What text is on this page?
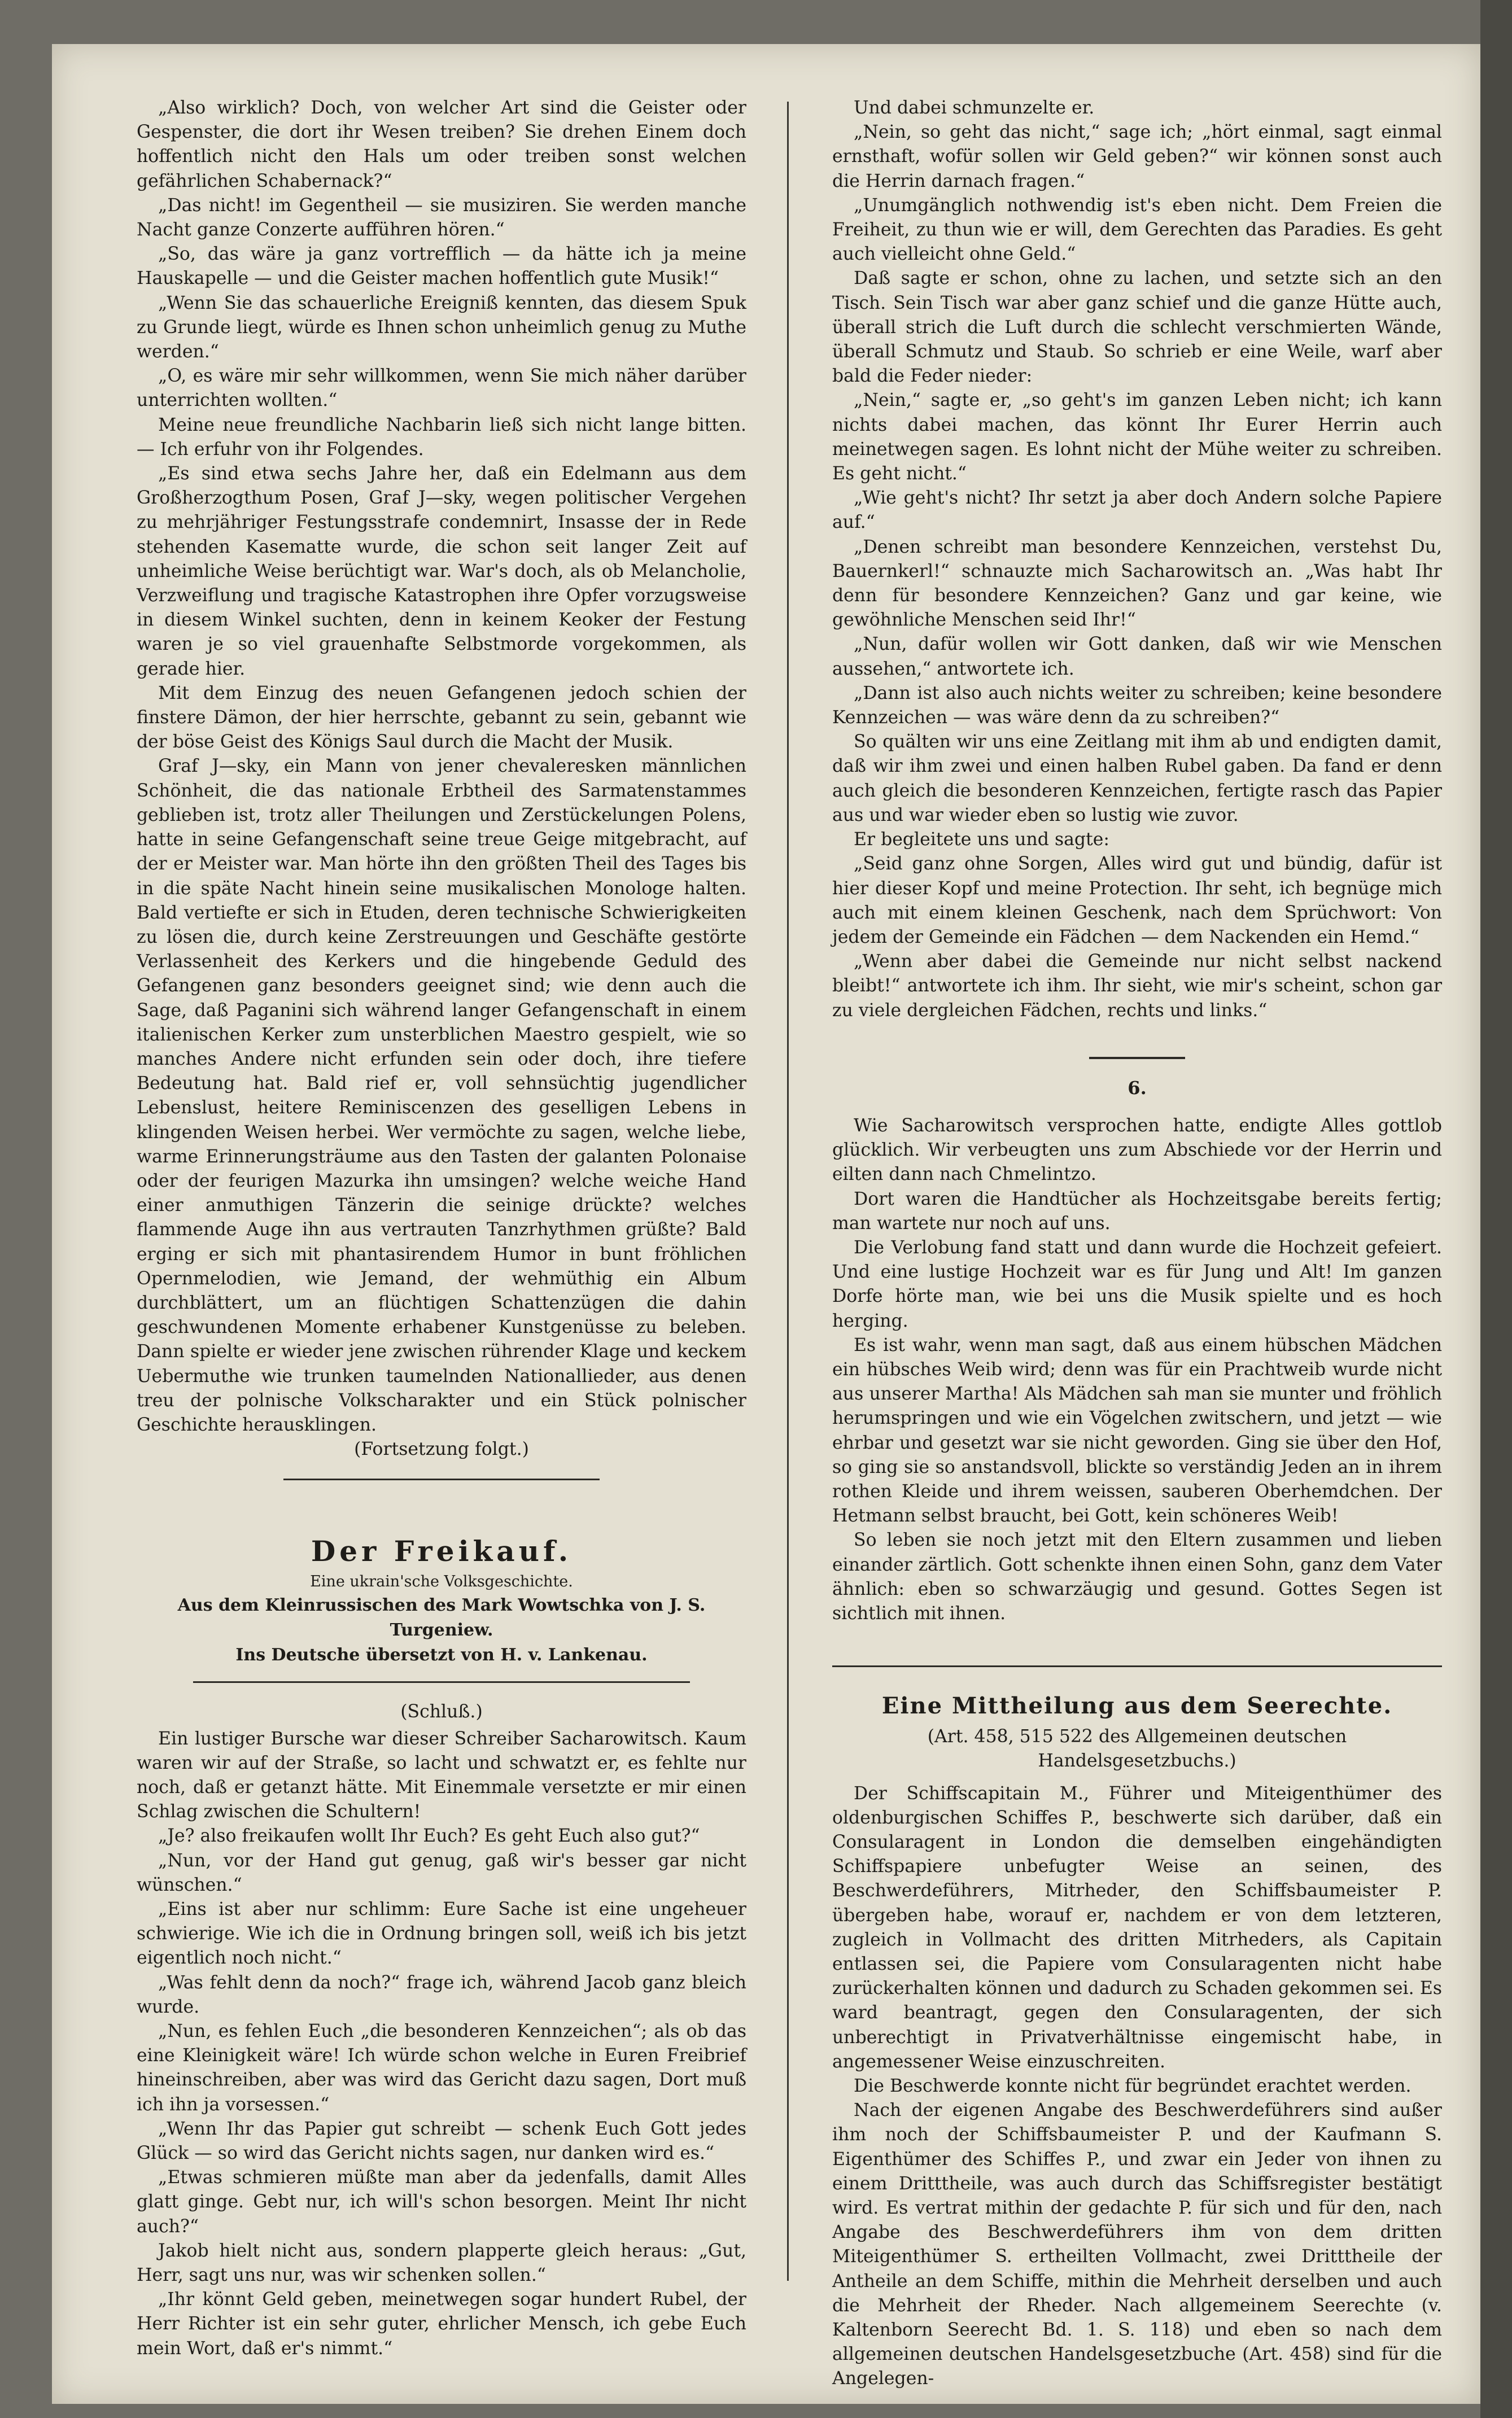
„Also wirklich? Doch, von welcher Art sind die Geister oder Gespenster, die dort ihr Wesen treiben? Sie drehen Einem doch hoffentlich nicht den Hals um oder treiben sonst welchen gefährlichen Schabernack?“

„Das nicht! im Gegentheil — sie musiziren. Sie werden manche Nacht ganze Conzerte aufführen hören.“

„So, das wäre ja ganz vortrefflich — da hätte ich ja meine Hauskapelle — und die Geister machen hoffentlich gute Musik!“

„Wenn Sie das schauerliche Ereigniß kennten, das diesem Spuk zu Grunde liegt, würde es Ihnen schon unheimlich genug zu Muthe werden.“

„O, es wäre mir sehr willkommen, wenn Sie mich näher darüber unterrichten wollten.“

Meine neue freundliche Nachbarin ließ sich nicht lange bitten. — Ich erfuhr von ihr Folgendes.

„Es sind etwa sechs Jahre her, daß ein Edelmann aus dem Großherzogthum Posen, Graf J—sky, wegen politischer Vergehen zu mehrjähriger Festungsstrafe condemnirt, Insasse der in Rede stehenden Kasematte wurde, die schon seit langer Zeit auf unheimliche Weise berüchtigt war. War's doch, als ob Melancholie, Verzweiflung und tragische Katastrophen ihre Opfer vorzugsweise in diesem Winkel suchten, denn in keinem Keoker der Festung waren je so viel grauenhafte Selbstmorde vorgekommen, als gerade hier.

Mit dem Einzug des neuen Gefangenen jedoch schien der finstere Dämon, der hier herrschte, gebannt zu sein, gebannt wie der böse Geist des Königs Saul durch die Macht der Musik.

Graf J—sky, ein Mann von jener chevaleresken männlichen Schönheit, die das nationale Erbtheil des Sarmatenstammes geblieben ist, trotz aller Theilungen und Zerstückelungen Polens, hatte in seine Gefangenschaft seine treue Geige mitgebracht, auf der er Meister war. Man hörte ihn den größten Theil des Tages bis in die späte Nacht hinein seine musikalischen Monologe halten. Bald vertiefte er sich in Etuden, deren technische Schwierigkeiten zu lösen die, durch keine Zerstreuungen und Geschäfte gestörte Verlassenheit des Kerkers und die hingebende Geduld des Gefangenen ganz besonders geeignet sind; wie denn auch die Sage, daß Paganini sich während langer Gefangenschaft in einem italienischen Kerker zum unsterblichen Maestro gespielt, wie so manches Andere nicht erfunden sein oder doch, ihre tiefere Bedeutung hat. Bald rief er, voll sehnsüchtig jugendlicher Lebenslust, heitere Reminiscenzen des geselligen Lebens in klingenden Weisen herbei. Wer vermöchte zu sagen, welche liebe, warme Erinnerungsträume aus den Tasten der galanten Polonaise oder der feurigen Mazurka ihn umsingen? welche weiche Hand einer anmuthigen Tänzerin die seinige drückte? welches flammende Auge ihn aus vertrauten Tanzrhythmen grüßte? Bald erging er sich mit phantasirendem Humor in bunt fröhlichen Opernmelodien, wie Jemand, der wehmüthig ein Album durchblättert, um an flüchtigen Schattenzügen die dahin geschwundenen Momente erhabener Kunstgenüsse zu beleben. Dann spielte er wieder jene zwischen rührender Klage und keckem Uebermuthe wie trunken taumelnden Nationallieder, aus denen treu der polnische Volkscharakter und ein Stück polnischer Geschichte herausklingen.

(Fortsetzung folgt.)

Der Freikauf.
Eine ukrain'sche Volksgeschichte.
Aus dem Kleinrussischen des Mark Wowtschka von J. S. Turgeniew.
Ins Deutsche übersetzt von H. v. Lankenau.

(Schluß.)

Ein lustiger Bursche war dieser Schreiber Sacharowitsch. Kaum waren wir auf der Straße, so lacht und schwatzt er, es fehlte nur noch, daß er getanzt hätte. Mit Einemmale versetzte er mir einen Schlag zwischen die Schultern!

„Je? also freikaufen wollt Ihr Euch? Es geht Euch also gut?“

„Nun, vor der Hand gut genug, gaß wir's besser gar nicht wünschen.“

„Eins ist aber nur schlimm: Eure Sache ist eine ungeheuer schwierige. Wie ich die in Ordnung bringen soll, weiß ich bis jetzt eigentlich noch nicht.“

„Was fehlt denn da noch?“ frage ich, während Jacob ganz bleich wurde.

„Nun, es fehlen Euch „die besonderen Kennzeichen“; als ob das eine Kleinigkeit wäre! Ich würde schon welche in Euren Freibrief hineinschreiben, aber was wird das Gericht dazu sagen, Dort muß ich ihn ja vorsessen.“

„Wenn Ihr das Papier gut schreibt — schenk Euch Gott jedes Glück — so wird das Gericht nichts sagen, nur danken wird es.“

„Etwas schmieren müßte man aber da jedenfalls, damit Alles glatt ginge. Gebt nur, ich will's schon besorgen. Meint Ihr nicht auch?“

Jakob hielt nicht aus, sondern plapperte gleich heraus: „Gut, Herr, sagt uns nur, was wir schenken sollen.“

„Ihr könnt Geld geben, meinetwegen sogar hundert Rubel, der Herr Richter ist ein sehr guter, ehrlicher Mensch, ich gebe Euch mein Wort, daß er's nimmt.“

Und dabei schmunzelte er.

„Nein, so geht das nicht,“ sage ich; „hört einmal, sagt einmal ernsthaft, wofür sollen wir Geld geben?“ wir können sonst auch die Herrin darnach fragen.“

„Unumgänglich nothwendig ist's eben nicht. Dem Freien die Freiheit, zu thun wie er will, dem Gerechten das Paradies. Es geht auch vielleicht ohne Geld.“

Daß sagte er schon, ohne zu lachen, und setzte sich an den Tisch. Sein Tisch war aber ganz schief und die ganze Hütte auch, überall strich die Luft durch die schlecht verschmierten Wände, überall Schmutz und Staub. So schrieb er eine Weile, warf aber bald die Feder nieder:

„Nein,“ sagte er, „so geht's im ganzen Leben nicht; ich kann nichts dabei machen, das könnt Ihr Eurer Herrin auch meinetwegen sagen. Es lohnt nicht der Mühe weiter zu schreiben. Es geht nicht.“

„Wie geht's nicht? Ihr setzt ja aber doch Andern solche Papiere auf.“

„Denen schreibt man besondere Kennzeichen, verstehst Du, Bauernkerl!“ schnauzte mich Sacharowitsch an. „Was habt Ihr denn für besondere Kennzeichen? Ganz und gar keine, wie gewöhnliche Menschen seid Ihr!“

„Nun, dafür wollen wir Gott danken, daß wir wie Menschen aussehen,“ antwortete ich.

„Dann ist also auch nichts weiter zu schreiben; keine besondere Kennzeichen — was wäre denn da zu schreiben?“

So quälten wir uns eine Zeitlang mit ihm ab und endigten damit, daß wir ihm zwei und einen halben Rubel gaben. Da fand er denn auch gleich die besonderen Kennzeichen, fertigte rasch das Papier aus und war wieder eben so lustig wie zuvor.

Er begleitete uns und sagte:

„Seid ganz ohne Sorgen, Alles wird gut und bündig, dafür ist hier dieser Kopf und meine Protection. Ihr seht, ich begnüge mich auch mit einem kleinen Geschenk, nach dem Sprüchwort: Von jedem der Gemeinde ein Fädchen — dem Nackenden ein Hemd.“

„Wenn aber dabei die Gemeinde nur nicht selbst nackend bleibt!“ antwortete ich ihm. Ihr sieht, wie mir's scheint, schon gar zu viele dergleichen Fädchen, rechts und links.“

6.

Wie Sacharowitsch versprochen hatte, endigte Alles gottlob glücklich. Wir verbeugten uns zum Abschiede vor der Herrin und eilten dann nach Chmelintzo.

Dort waren die Handtücher als Hochzeitsgabe bereits fertig; man wartete nur noch auf uns.

Die Verlobung fand statt und dann wurde die Hochzeit gefeiert. Und eine lustige Hochzeit war es für Jung und Alt! Im ganzen Dorfe hörte man, wie bei uns die Musik spielte und es hoch herging.

Es ist wahr, wenn man sagt, daß aus einem hübschen Mädchen ein hübsches Weib wird; denn was für ein Prachtweib wurde nicht aus unserer Martha! Als Mädchen sah man sie munter und fröhlich herumspringen und wie ein Vögelchen zwitschern, und jetzt — wie ehrbar und gesetzt war sie nicht geworden. Ging sie über den Hof, so ging sie so anstandsvoll, blickte so verständig Jeden an in ihrem rothen Kleide und ihrem weissen, sauberen Oberhemdchen. Der Hetmann selbst braucht, bei Gott, kein schöneres Weib!

So leben sie noch jetzt mit den Eltern zusammen und lieben einander zärtlich. Gott schenkte ihnen einen Sohn, ganz dem Vater ähnlich: eben so schwarzäugig und gesund. Gottes Segen ist sichtlich mit ihnen.

Eine Mittheilung aus dem Seerechte.
(Art. 458, 515 522 des Allgemeinen deutschen Handelsgesetzbuchs.)

Der Schiffscapitain M., Führer und Miteigenthümer des oldenburgischen Schiffes P., beschwerte sich darüber, daß ein Consularagent in London die demselben eingehändigten Schiffspapiere unbefugter Weise an seinen, des Beschwerdeführers, Mitrheder, den Schiffsbaumeister P. übergeben habe, worauf er, nachdem er von dem letzteren, zugleich in Vollmacht des dritten Mitrheders, als Capitain entlassen sei, die Papiere vom Consularagenten nicht habe zurückerhalten können und dadurch zu Schaden gekommen sei. Es ward beantragt, gegen den Consularagenten, der sich unberechtigt in Privatverhältnisse eingemischt habe, in angemessener Weise einzuschreiten.

Die Beschwerde konnte nicht für begründet erachtet werden.

Nach der eigenen Angabe des Beschwerdeführers sind außer ihm noch der Schiffsbaumeister P. und der Kaufmann S. Eigenthümer des Schiffes P., und zwar ein Jeder von ihnen zu einem Dritttheile, was auch durch das Schiffsregister bestätigt wird. Es vertrat mithin der gedachte P. für sich und für den, nach Angabe des Beschwerdeführers ihm von dem dritten Miteigenthümer S. ertheilten Vollmacht, zwei Dritttheile der Antheile an dem Schiffe, mithin die Mehrheit derselben und auch die Mehrheit der Rheder. Nach allgemeinem Seerechte (v. Kaltenborn Seerecht Bd. 1. S. 118) und eben so nach dem allgemeinen deutschen Handelsgesetzbuche (Art. 458) sind für die Angelegen-
